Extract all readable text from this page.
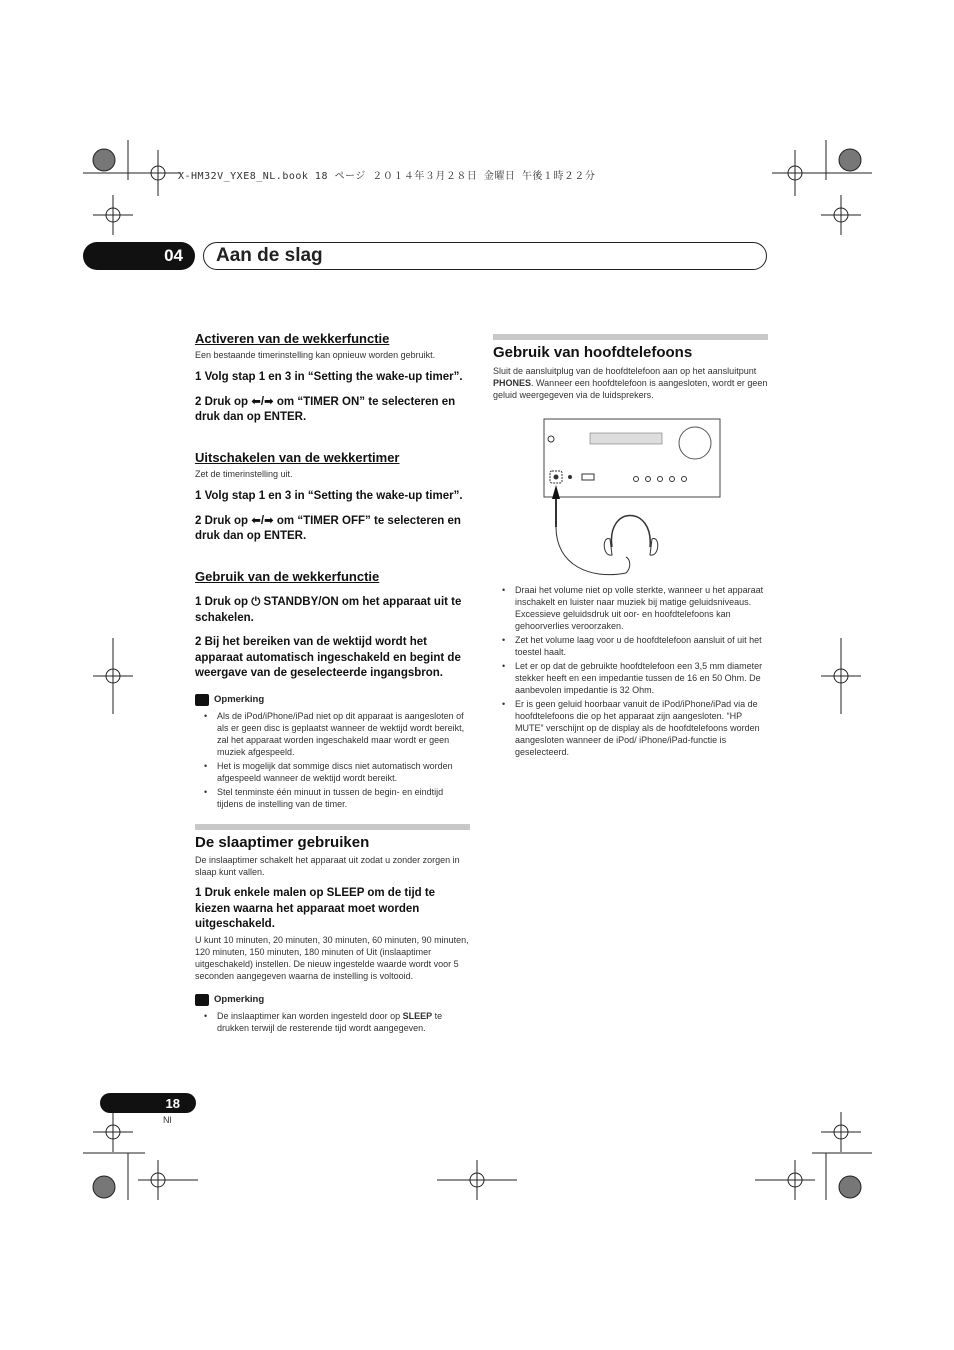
X-HM32V_YXE8_NL.book 18 ページ ２０１４年３月２８日 金曜日 午後１時２２分
04	Aan de slag
Activeren van de wekkerfunctie

Een bestaande timerinstelling kan opnieuw worden gebruikt.

1 Volg stap 1 en 3 in “Setting the wake-up timer”.

2 Druk op ⬅/➡ om “TIMER ON” te selecteren en druk dan op ENTER.

Uitschakelen van de wekkertimer

Zet de timerinstelling uit.

1 Volg stap 1 en 3 in “Setting the wake-up timer”.

2 Druk op ⬅/➡ om “TIMER OFF” te selecteren en druk dan op ENTER.

Gebruik van de wekkerfunctie

1 Druk op ⏻ STANDBY/ON om het apparaat uit te schakelen.

2 Bij het bereiken van de wektijd wordt het apparaat automatisch ingeschakeld en begint de weergave van de geselecteerde ingangsbron.

Opmerking

• Als de iPod/iPhone/iPad niet op dit apparaat is aangesloten of als er geen disc is geplaatst wanneer de wektijd wordt bereikt, zal het apparaat worden ingeschakeld maar wordt er geen muziek afgespeeld.
• Het is mogelijk dat sommige discs niet automatisch worden afgespeeld wanneer de wektijd wordt bereikt.
• Stel tenminste één minuut in tussen de begin- en eindtijd tijdens de instelling van de timer.
De slaaptimer gebruiken

De inslaaptimer schakelt het apparaat uit zodat u zonder zorgen in slaap kunt vallen.

1 Druk enkele malen op SLEEP om de tijd te kiezen waarna het apparaat moet worden uitgeschakeld.

U kunt 10 minuten, 20 minuten, 30 minuten, 60 minuten, 90 minuten, 120 minuten, 150 minuten, 180 minuten of Uit (inslaaptimer uitgeschakeld) instellen. De nieuw ingestelde waarde wordt voor 5 seconden aangegeven waarna de instelling is voltooid.

Opmerking

• De inslaaptimer kan worden ingesteld door op SLEEP te drukken terwijl de resterende tijd wordt aangegeven.
Gebruik van hoofdtelefoons

Sluit de aansluitplug van de hoofdtelefoon aan op het aansluitpunt PHONES. Wanneer een hoofdtelefoon is aangesloten, wordt er geen geluid weergegeven via de luidsprekers.

• Draai het volume niet op volle sterkte, wanneer u het apparaat inschakelt en luister naar muziek bij matige geluidsniveaus. Excessieve geluidsdruk uit oor- en hoofdtelefoons kan gehoorverlies veroorzaken.
• Zet het volume laag voor u de hoofdtelefoon aansluit of uit het toestel haalt.
• Let er op dat de gebruikte hoofdtelefoon een 3,5 mm diameter stekker heeft en een impedantie tussen de 16 en 50 Ohm. De aanbevolen impedantie is 32 Ohm.
• Er is geen geluid hoorbaar vanuit de iPod/iPhone/iPad via de hoofdtelefoons die op het apparaat zijn aangesloten. “HP MUTE” verschijnt op de display als de hoofdtelefoons worden aangesloten wanneer de iPod/ iPhone/iPad-functie is geselecteerd.
18
Nl
